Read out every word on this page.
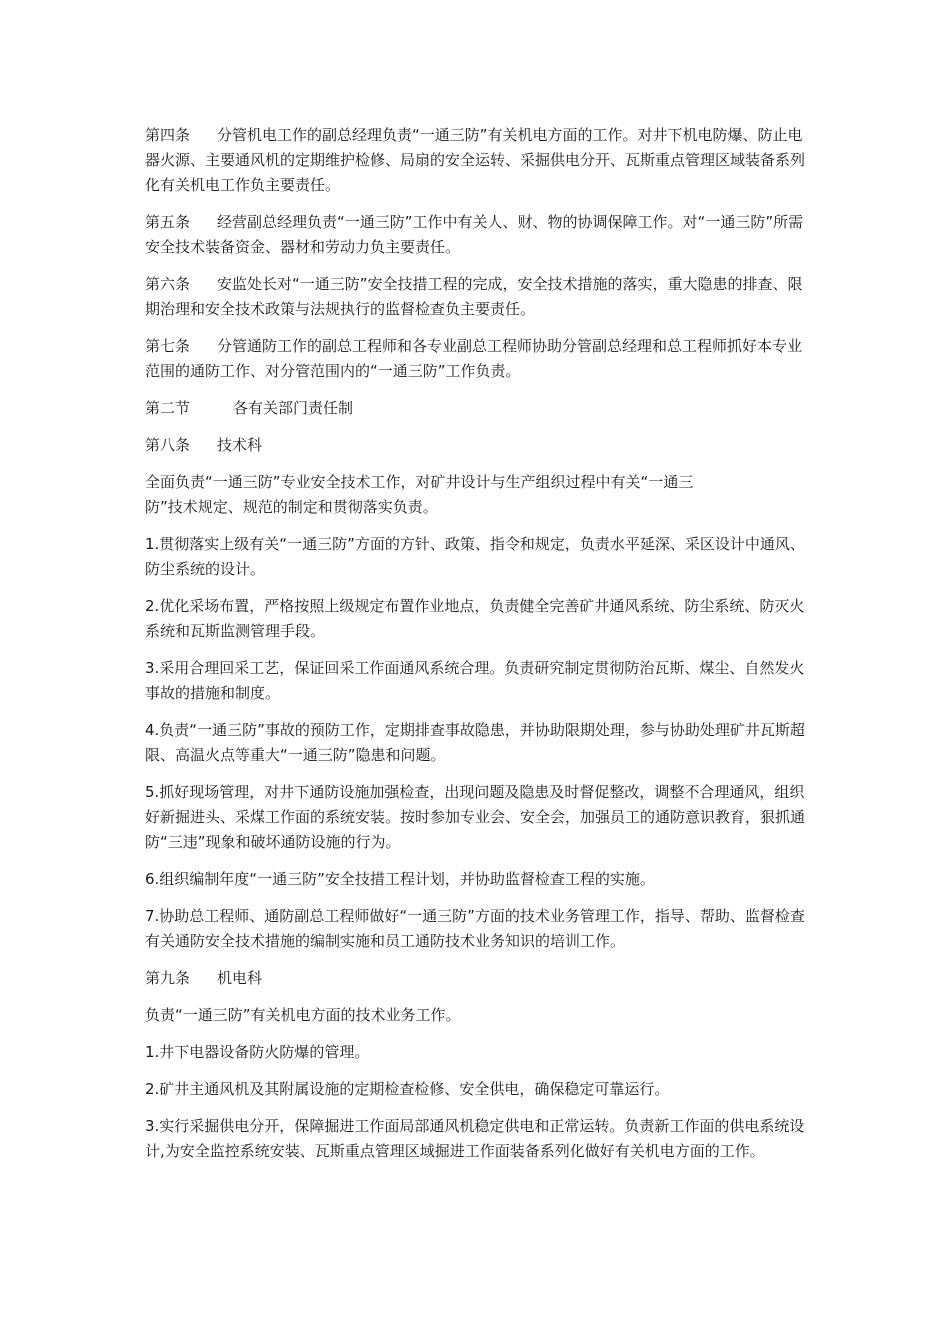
第四条 分管机电工作的副总经理负责“一通三防”有关机电方面的工作。对井下机电防爆、防止电器火源、主要通风机的定期维护检修、局扇的安全运转、采掘供电分开、瓦斯重点管理区域装备系列化有关机电工作负主要责任。

第五条 经营副总经理负责“一通三防”工作中有关人、财、物的协调保障工作。对“一通三防”所需安全技术装备资金、器材和劳动力负主要责任。

第六条 安监处长对“一通三防”安全技措工程的完成，安全技术措施的落实，重大隐患的排查、限期治理和安全技术政策与法规执行的监督检查负主要责任。

第七条 分管通防工作的副总工程师和各专业副总工程师协助分管副总经理和总工程师抓好本专业范围的通防工作、对分管范围内的“一通三防”工作负责。

第二节	各有关部门责任制

第八条 技术科

全面负责“一通三防”专业安全技术工作，对矿井设计与生产组织过程中有关“一通三
防”技术规定、规范的制定和贯彻落实负责。

1.贯彻落实上级有关“一通三防”方面的方针、政策、指令和规定，负责水平延深、采区设计中通风、防尘系统的设计。

2.优化采场布置，严格按照上级规定布置作业地点，负责健全完善矿井通风系统、防尘系统、防灭火系统和瓦斯监测管理手段。

3.采用合理回采工艺，保证回采工作面通风系统合理。负责研究制定贯彻防治瓦斯、煤尘、自然发火事故的措施和制度。

4.负责“一通三防”事故的预防工作，定期排查事故隐患，并协助限期处理，参与协助处理矿井瓦斯超限、高温火点等重大“一通三防”隐患和问题。

5.抓好现场管理，对井下通防设施加强检查，出现问题及隐患及时督促整改，调整不合理通风，组织好新掘进头、采煤工作面的系统安装。按时参加专业会、安全会，加强员工的通防意识教育，狠抓通防“三违”现象和破坏通防设施的行为。

6.组织编制年度“一通三防”安全技措工程计划，并协助监督检查工程的实施。

7.协助总工程师、通防副总工程师做好“一通三防”方面的技术业务管理工作，指导、帮助、监督检查有关通防安全技术措施的编制实施和员工通防技术业务知识的培训工作。

第九条 机电科

负责“一通三防”有关机电方面的技术业务工作。

1.井下电器设备防火防爆的管理。

2.矿井主通风机及其附属设施的定期检查检修、安全供电，确保稳定可靠运行。

3.实行采掘供电分开，保障掘进工作面局部通风机稳定供电和正常运转。负责新工作面的供电系统设计,为安全监控系统安装、瓦斯重点管理区域掘进工作面装备系列化做好有关机电方面的工作。
